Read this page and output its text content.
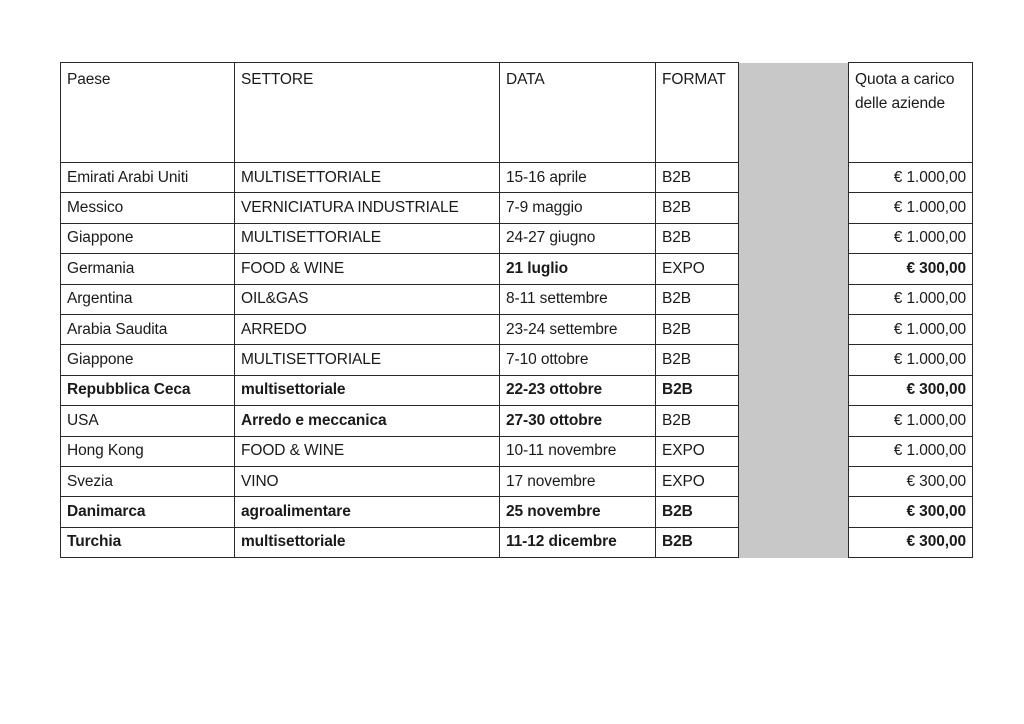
Paese	SETTORE	DATA	FORMAT		Quota a carico delle aziende
Emirati Arabi Uniti	MULTISETTORIALE	15-16 aprile	B2B		€ 1.000,00
Messico	VERNICIATURA INDUSTRIALE	7-9 maggio	B2B		€ 1.000,00
Giappone	MULTISETTORIALE	24-27 giugno	B2B		€ 1.000,00
Germania	FOOD & WINE	21 luglio	EXPO		€ 300,00
Argentina	OIL&GAS	8-11 settembre	B2B		€ 1.000,00
Arabia Saudita	ARREDO	23-24 settembre	B2B		€ 1.000,00
Giappone	MULTISETTORIALE	7-10 ottobre	B2B		€ 1.000,00
Repubblica Ceca	multisettoriale	22-23 ottobre	B2B		€ 300,00
USA	Arredo e meccanica	27-30 ottobre	B2B		€ 1.000,00
Hong Kong	FOOD & WINE	10-11 novembre	EXPO		€ 1.000,00
Svezia	VINO	17 novembre	EXPO		€ 300,00
Danimarca	agroalimentare	25 novembre	B2B		€ 300,00
Turchia	multisettoriale	11-12 dicembre	B2B		€ 300,00
